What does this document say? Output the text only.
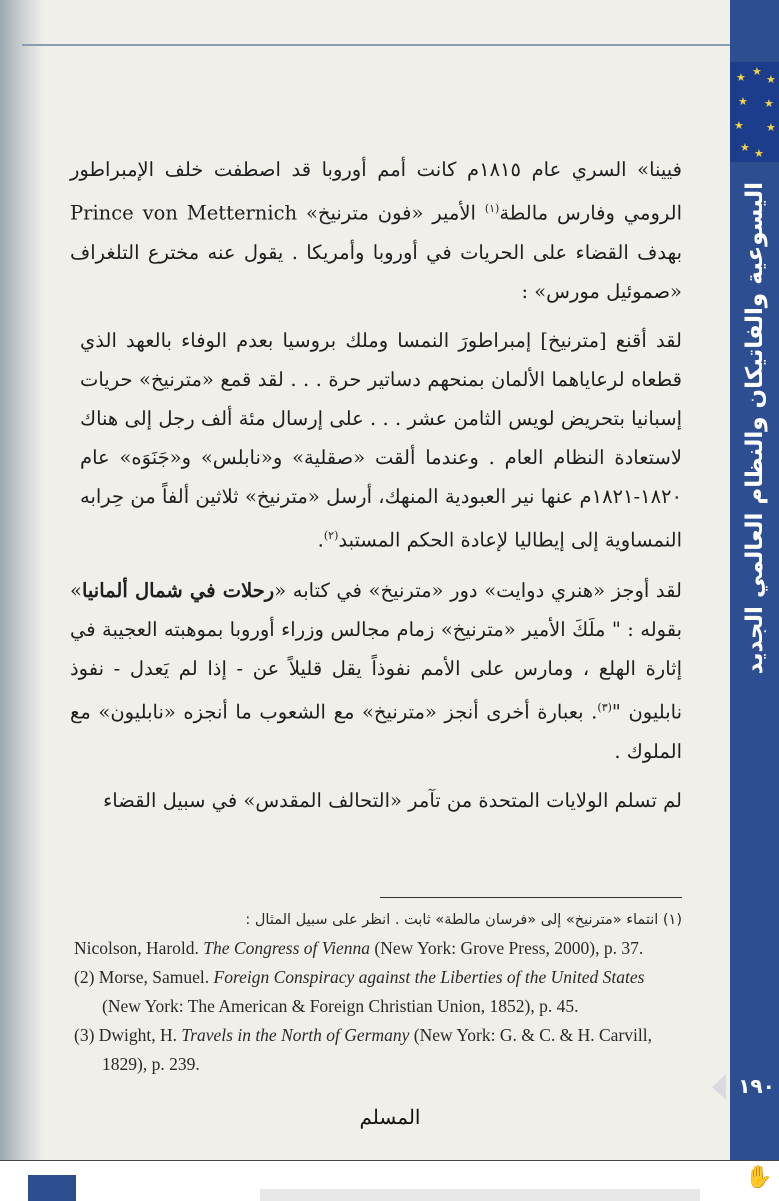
★ ★
★
★ ★
★ ★
★ ★
اليسوعية والفاتيكان والنظام العالمي الجديد
١٩٠

فيينا» السري عام ١٨١٥م كانت أمم أوروبا قد اصطفت خلف الإمبراطور الرومي وفارس مالطة$^{(١)}$ الأمير «فون مترنيخ» Prince von Metternich بهدف القضاء على الحريات في أوروبا وأمريكا . يقول عنه مخترع التلغراف «صموئيل مورس» :

لقد أقنع [مترنيخ] إمبراطورَ النمسا وملك بروسيا بعدم الوفاء بالعهد الذي قطعاه لرعاياهما الألمان بمنحهم دساتير حرة . . . لقد قمع «مترنيخ» حريات إسبانيا بتحريض لويس الثامن عشر . . . على إرسال مئة ألف رجل إلى هناك لاستعادة النظام العام . وعندما ألقت «صقلية» و«نابلس» و«جَنَوَه» عام ١٨٢٠-١٨٢١م عنها نير العبودية المنهك، أرسل «مترنيخ» ثلاثين ألفاً من حِرابه النمساوية إلى إيطاليا لإعادة الحكم المستبد$^{(٢)}$.

لقد أوجز «هنري دوايت» دور «مترنيخ» في كتابه «رحلات في شمال ألمانيا» بقوله : " ملَكَ الأمير «مترنيخ» زمام مجالس وزراء أوروبا بموهبته العجيبة في إثارة الهلع ، ومارس على الأمم نفوذاً يقل قليلاً عن - إذا لم يَعدل - نفوذ نابليون "$^{(٣)}$. بعبارة أخرى أنجز «مترنيخ» مع الشعوب ما أنجزه «نابليون» مع الملوك .

لم تسلم الولايات المتحدة من تآمر «التحالف المقدس» في سبيل القضاء

(١) انتماء «مترنيخ» إلى «فرسان مالطة» ثابت . انظر على سبيل المثال :
Nicolson, Harold. The Congress of Vienna (New York: Grove Press, 2000), p. 37.
(2) Morse, Samuel. Foreign Conspiracy against the Liberties of the United States (New York: The American & Foreign Christian Union, 1852), p. 45.
(3) Dwight, H. Travels in the North of Germany (New York: G. & C. & H. Carvill, 1829), p. 239.
المسلم
✋
